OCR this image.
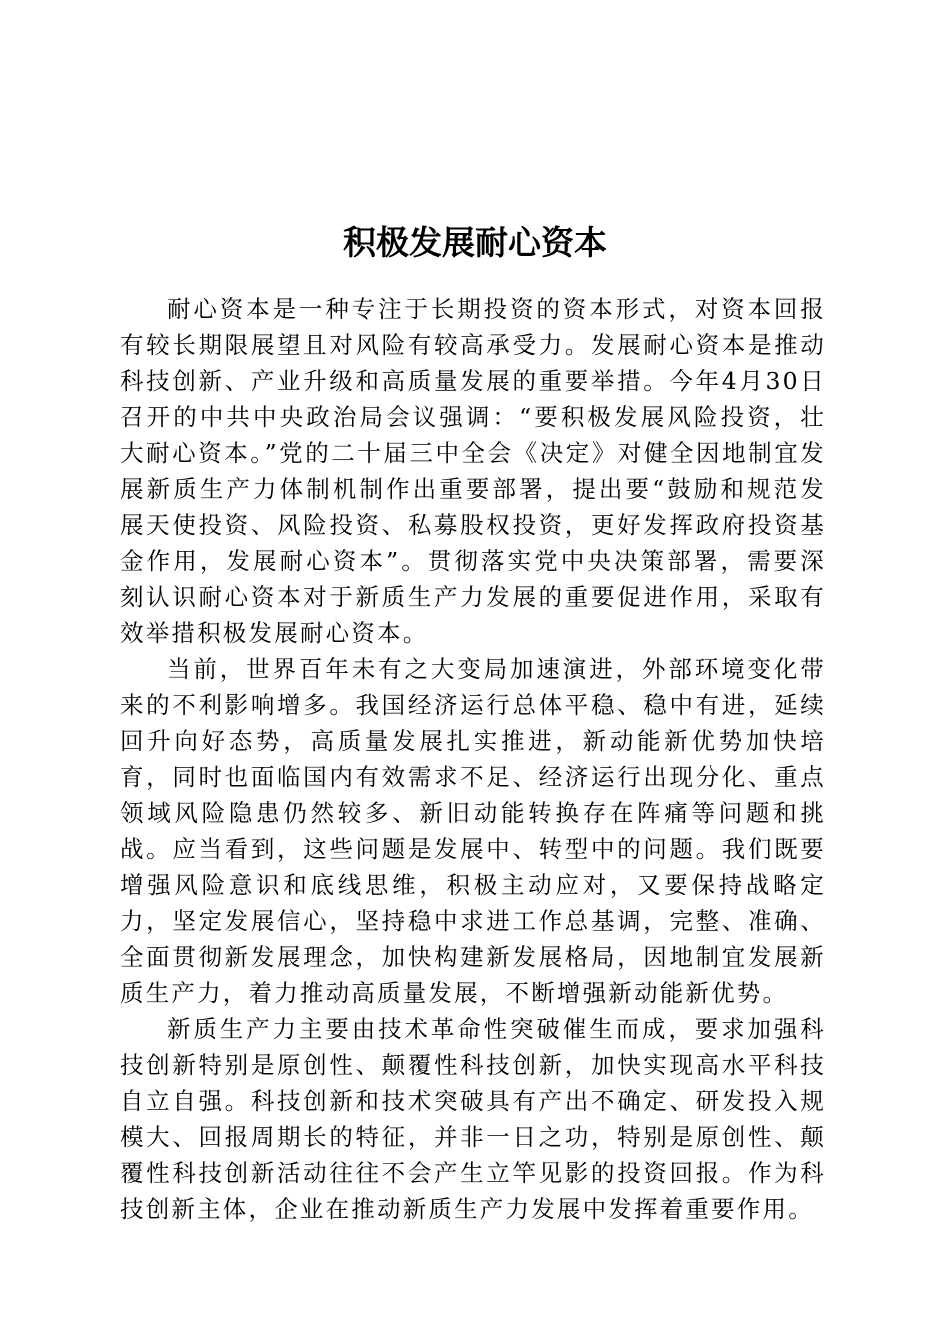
积极发展耐心资本

耐心资本是一种专注于长期投资的资本形式，对资本回报有较长期限展望且对风险有较高承受力。发展耐心资本是推动科技创新、产业升级和高质量发展的重要举措。今年4月30日召开的中共中央政治局会议强调：“要积极发展风险投资，壮大耐心资本。”党的二十届三中全会《决定》对健全因地制宜发展新质生产力体制机制作出重要部署，提出要“鼓励和规范发展天使投资、风险投资、私募股权投资，更好发挥政府投资基金作用，发展耐心资本”。贯彻落实党中央决策部署，需要深刻认识耐心资本对于新质生产力发展的重要促进作用，采取有效举措积极发展耐心资本。

当前，世界百年未有之大变局加速演进，外部环境变化带来的不利影响增多。我国经济运行总体平稳、稳中有进，延续回升向好态势，高质量发展扎实推进，新动能新优势加快培育，同时也面临国内有效需求不足、经济运行出现分化、重点领域风险隐患仍然较多、新旧动能转换存在阵痛等问题和挑战。应当看到，这些问题是发展中、转型中的问题。我们既要增强风险意识和底线思维，积极主动应对，又要保持战略定力，坚定发展信心，坚持稳中求进工作总基调，完整、准确、全面贯彻新发展理念，加快构建新发展格局，因地制宜发展新质生产力，着力推动高质量发展，不断增强新动能新优势。

新质生产力主要由技术革命性突破催生而成，要求加强科技创新特别是原创性、颠覆性科技创新，加快实现高水平科技自立自强。科技创新和技术突破具有产出不确定、研发投入规模大、回报周期长的特征，并非一日之功，特别是原创性、颠覆性科技创新活动往往不会产生立竿见影的投资回报。作为科技创新主体，企业在推动新质生产力发展中发挥着重要作用。
